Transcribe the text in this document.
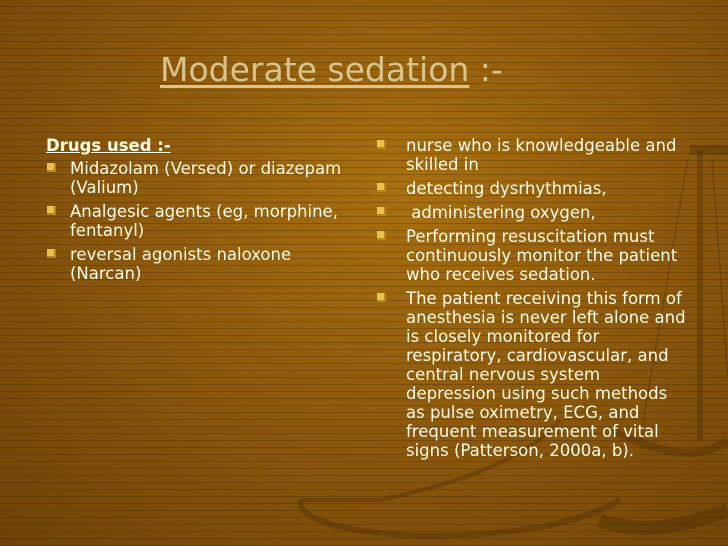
Moderate sedation :-
Drugs used :-
Midazolam (Versed) or diazepam (Valium)
Analgesic agents (eg, morphine, fentanyl)
reversal agonists naloxone (Narcan)
nurse who is knowledgeable and skilled in
detecting dysrhythmias,
administering oxygen,
Performing resuscitation must continuously monitor the patient who receives sedation.
The patient receiving this form of anesthesia is never left alone and is closely monitored for respiratory, cardiovascular, and central nervous system depression using such methods as pulse oximetry, ECG, and frequent measurement of vital signs (Patterson, 2000a, b).
